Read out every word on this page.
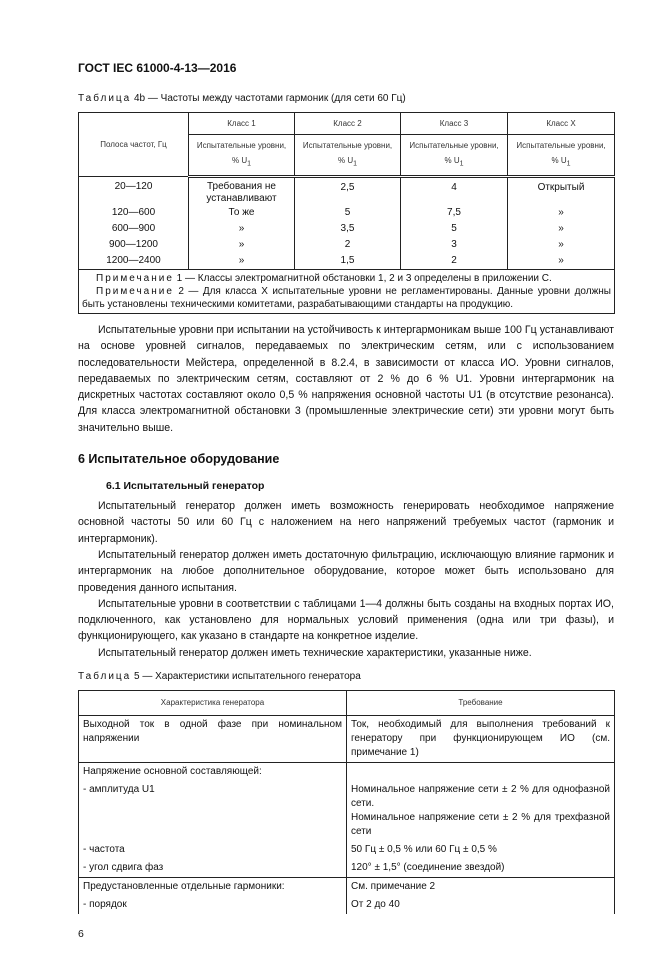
ГОСТ IEC 61000-4-13—2016
Таблица 4b — Частоты между частотами гармоник (для сети 60 Гц)
Полоса частот, Гц	Класс 1	Класс 2	Класс 3	Класс X
	Испытательные уровни, % $U_1$	Испытательные уровни, % $U_1$	Испытательные уровни, % $U_1$	Испытательные уровни, % $U_1$
20—120	Требования не устанавливают	2,5	4	Открытый
120—600	То же	5	7,5	»
600—900	»	3,5	5	»
900—1200	»	2	3	»
1200—2400	»	1,5	2	»

Примечание 1 — Классы электромагнитной обстановки 1, 2 и 3 определены в приложении С.
Примечание 2 — Для класса X испытательные уровни не регламентированы. Данные уровни должны быть установлены техническими комитетами, разрабатывающими стандарты на продукцию.				

Испытательные уровни при испытании на устойчивость к интергармоникам выше 100 Гц устанавливают на основе уровней сигналов, передаваемых по электрическим сетям, или с использованием последовательности Мейстера, определенной в 8.2.4, в зависимости от класса ИО. Уровни сигналов, передаваемых по электрическим сетям, составляют от 2 % до 6 % U1. Уровни интергармоник на дискретных частотах составляют около 0,5 % напряжения основной частоты U1 (в отсутствие резонанса). Для класса электромагнитной обстановки 3 (промышленные электрические сети) эти уровни могут быть значительно выше.

6 Испытательное оборудование
6.1 Испытательный генератор

Испытательный генератор должен иметь возможность генерировать необходимое напряжение основной частоты 50 или 60 Гц с наложением на него напряжений требуемых частот (гармоник и интергармоник).

Испытательный генератор должен иметь достаточную фильтрацию, исключающую влияние гармоник и интергармоник на любое дополнительное оборудование, которое может быть использовано для проведения данного испытания.

Испытательные уровни в соответствии с таблицами 1—4 должны быть созданы на входных портах ИО, подключенного, как установлено для нормальных условий применения (одна или три фазы), и функционирующего, как указано в стандарте на конкретное изделие.

Испытательный генератор должен иметь технические характеристики, указанные ниже.

Таблица 5 — Характеристики испытательного генератора
Характеристика генератора	Требование
Выходной ток в одной фазе при номинальном напряжении	Ток, необходимый для выполнения требований к генератору при функционирующем ИО (см. примечание 1)
Напряжение основной составляющей:	
- амплитуда U1	Номинальное напряжение сети ± 2 % для однофазной сети.
Номинальное напряжение сети ± 2 % для трехфазной сети
- частота	50 Гц ± 0,5 % или 60 Гц ± 0,5 %
- угол сдвига фаз	120° ± 1,5° (соединение звездой)
Предустановленные отдельные гармоники:	См. примечание 2
- порядок	От 2 до 40
6
